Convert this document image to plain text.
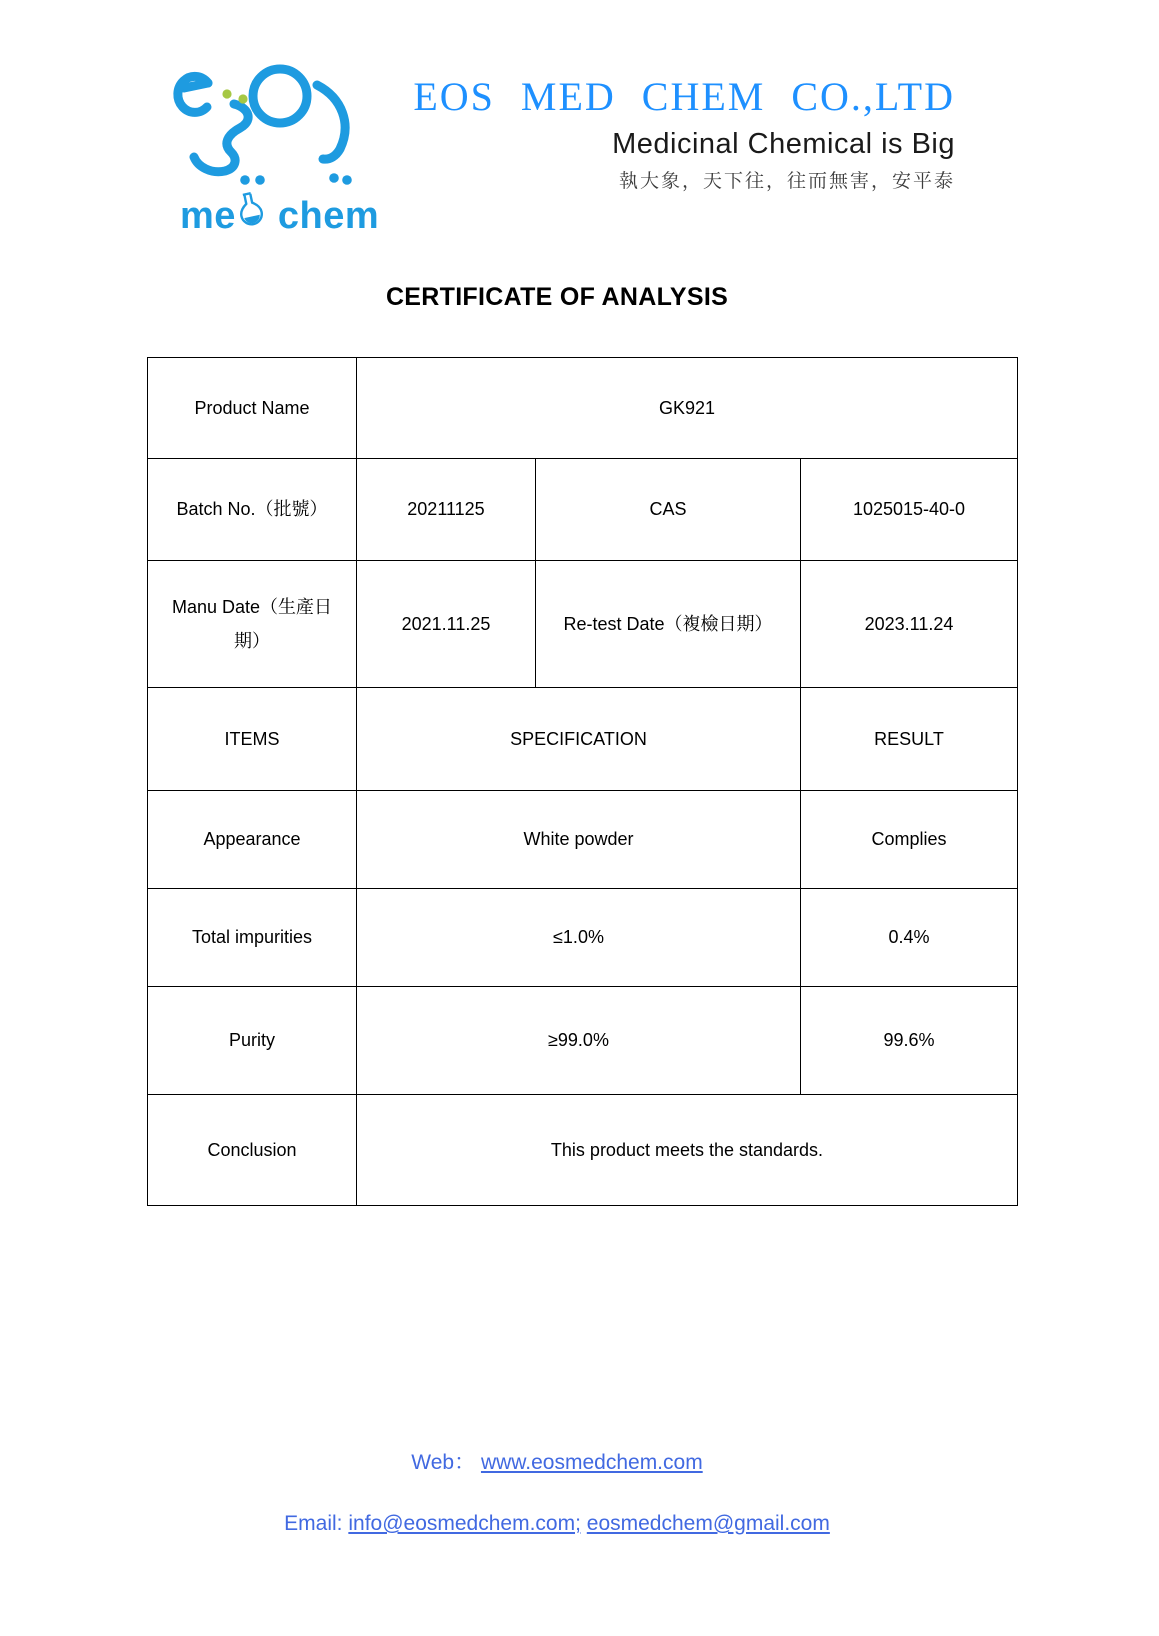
me chem
EOS MED CHEM CO.,LTD
Medicinal Chemical is Big
執大象，天下往，往而無害，安平泰
CERTIFICATE OF ANALYSIS
Product Name	GK921		
Batch No.（批號）	20211125	CAS	1025015-40-0
Manu Date（生產日期）	2021.11.25	Re-test Date（複檢日期）	2023.11.24
ITEMS	SPECIFICATION		RESULT
Appearance	White powder		Complies
Total impurities	≤1.0%		0.4%
Purity	≥99.0%		99.6%
Conclusion	This product meets the standards.		
Web： www.eosmedchem.com
Email: info@eosmedchem.com; eosmedchem@gmail.com
